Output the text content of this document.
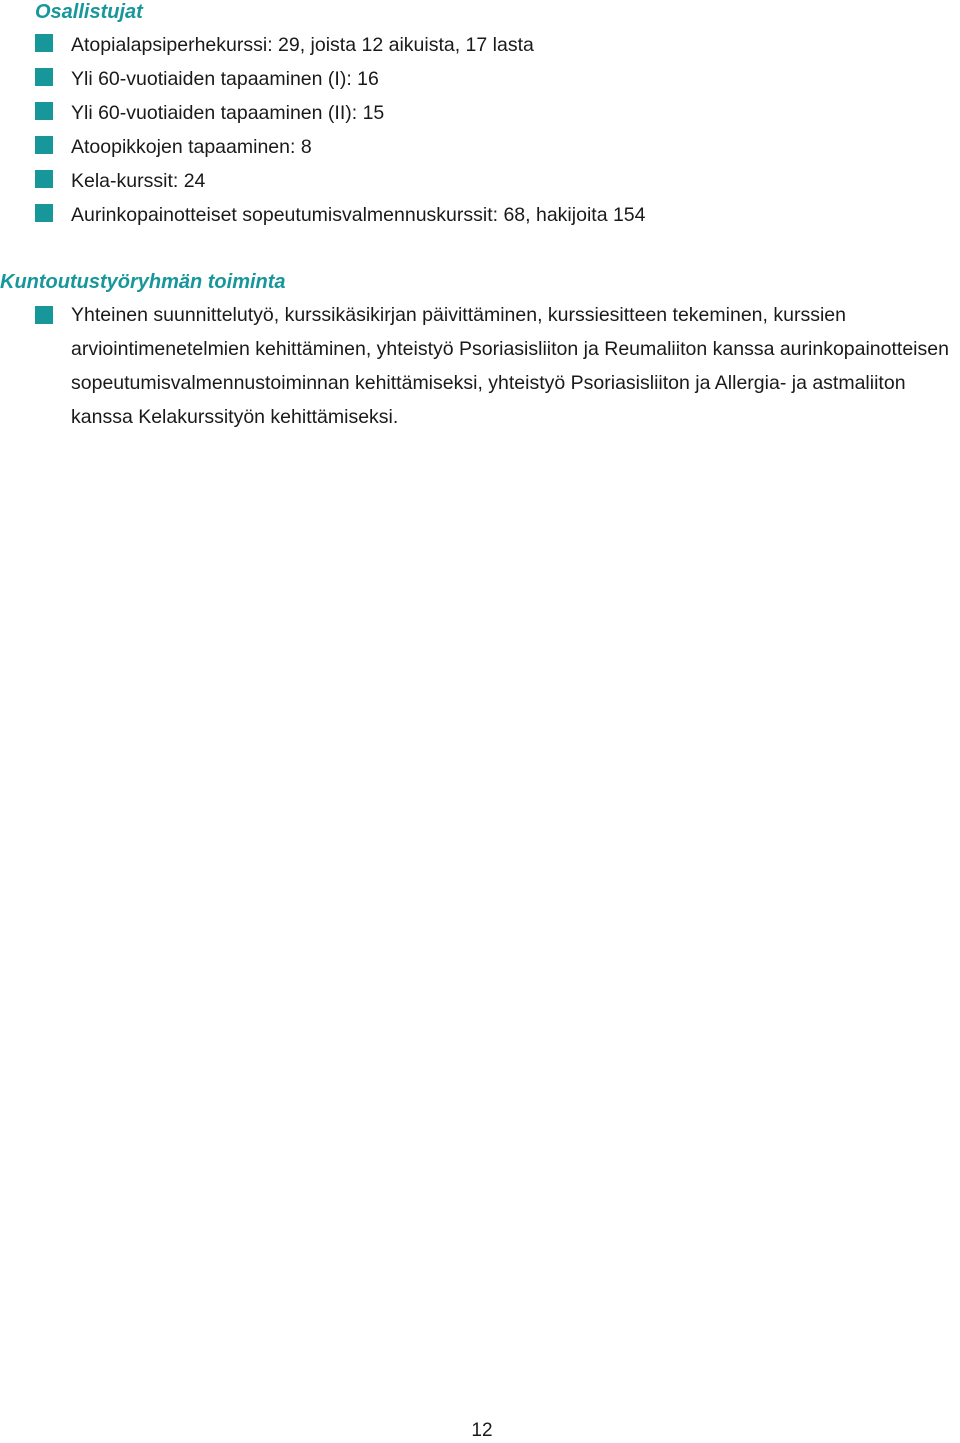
Osallistujat
Atopialapsiperhekurssi: 29, joista 12 aikuista, 17 lasta
Yli 60-vuotiaiden tapaaminen (I): 16
Yli 60-vuotiaiden tapaaminen (II): 15
Atoopikkojen tapaaminen: 8
Kela-kurssit: 24
Aurinkopainotteiset sopeutumisvalmennuskurssit: 68, hakijoita 154
Kuntoutustyöryhmän toiminta
Yhteinen suunnittelutyö, kurssikäsikirjan päivittäminen, kurssiesitteen tekeminen, kurssien arviointimenetelmien kehittäminen, yhteistyö Psoriasisliiton ja Reumaliiton kanssa aurinkopainotteisen sopeutumisvalmennustoiminnan kehittämiseksi, yhteistyö Psoriasisliiton ja Allergia- ja astmaliiton kanssa Kelakurssityön kehittämiseksi.
12
